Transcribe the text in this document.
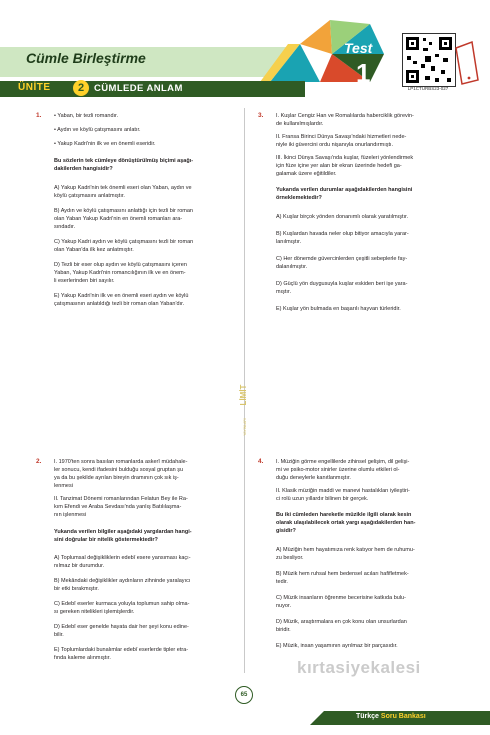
Cümle Birleştirme
Test
1
LP1CTURBS23-027
ÜNİTE	2	CÜMLEDE ANLAM
LİMİT
YAYINLARI
1. • Yaban, bir tezli romandır.
• Aydın ve köylü çatışmasını anlatır.
• Yakup Kadri'nin ilk ve en önemli eseridir.
Bu sözlerin tek cümleye dönüştürülmüş biçimi aşağı-
dakilerden hangisidir?
A) Yakup Kadri'nin tek önemli eseri olan Yaban, aydın ve
köylü çatışmasını anlatmıştır.
B) Aydın ve köylü çatışmasını anlattığı için tezli bir roman
olan Yaban Yakup Kadri'nin en önemli romanları ara-
sındadır.
C) Yakup Kadri aydın ve köylü çatışmasını tezli bir roman
olan Yaban'da ilk kez anlatmıştır.
D) Tezli bir eser olup aydın ve köylü çatışmasını içeren
Yaban, Yakup Kadri'nin romancılığının ilk ve en önem-
li eserlerinden biri sayılır.
E) Yakup Kadri'nin ilk ve en önemli eseri aydın ve köylü
çatışmasının anlatıldığı tezli bir roman olan Yaban'dır.
3. I. Kuşlar Cengiz Han ve Romalılarda haberciklik görevin-
de kullanılmışlardır.
II. Fransa Birinci Dünya Savaşı'ndaki hizmetleri nede-
niyle iki güvercini ordu nişanıyla onurlandırmıştı.
III. İkinci Dünya Savaşı'nda kuşlar, füzeleri yönlendirmek
için füze içine yer alan bir ekran üzerinde hedefi ga-
galamak üzere eğitildiler.
Yukarıda verilen durumlar aşağıdakilerden hangisini
örneklemektedir?
A) Kuşlar birçok yönden donanımlı olarak yaratılmıştır.
B) Kuşlardan havada neler olup bitiyor amacıyla yarar-
lanılmıştır.
C) Her dönemde güvercinlerden çeşitli sebeplerle fay-
dalanılmıştır.
D) Güçlü yön duygusuyla kuşlar eskiden beri işe yara-
mıştır.
E) Kuşlar yön bulmada en başarılı hayvan türleridir.
2. I. 1970'ten sonra basılan romanlarda askerî müdahale-
ler sonucu, kendi ifadesini bulduğu sosyal gruptan şu
ya da bu şekilde ayrılan bireyin dramının çok sık iş-
lenmesi
II. Tanzimat Dönemi romanlarından Felatun Bey ile Ra-
kım Efendi ve Araba Sevdası'nda yanlış Batılılaşma-
nın işlenmesi
Yukarıda verilen bilgiler aşağıdaki yargılardan hangi-
sini doğrular bir nitelik göstermektedir?
A) Toplumsal değişikliklerin edebî esere yansıması kaçı-
nılmaz bir durumdur.
B) Mekândaki değişiklikler aydınların zihninde yaralayıcı
bir etki bırakmıştır.
C) Edebî eserler kurmaca yoluyla toplumun sahip olma-
sı gereken nitelikleri işlemişlerdir.
D) Edebî eser genelde hayata dair her şeyi konu edine-
bilir.
E) Toplumlardaki bunalımlar edebî eserlerde tipler etra-
fında kaleme alınmıştır.
4. I. Müziğin görme engellilerde zihinsel gelişim, dil gelişi-
mi ve psiko-motor sinirler üzerine olumlu etkileri ol-
duğu deneylerle kanıtlanmıştır.
II. Klasik müziğin maddi ve manevi hastalıkları iyileştiri-
ci rolü uzun yıllardır bilinen bir gerçek.
Bu iki cümleden hareketle müzikle ilgili olarak kesin
olarak ulaşılabilecek ortak yargı aşağıdakilerden han-
gisidir?
A) Müziğin hem hayatımıza renk katıyor hem de ruhumu-
zu besliyor.
B) Müzik hem ruhsal hem bedensel acıları hafifletmek-
tedir.
C) Müzik insanların öğrenme becerisine katkıda bulu-
nuyor.
D) Müzik, araştırmalara en çok konu olan unsurlardan
biridir.
E) Müzik, insan yaşamının ayrılmaz bir parçasıdır.
65
Türkçe Soru Bankası
kırtasiyekalesi
